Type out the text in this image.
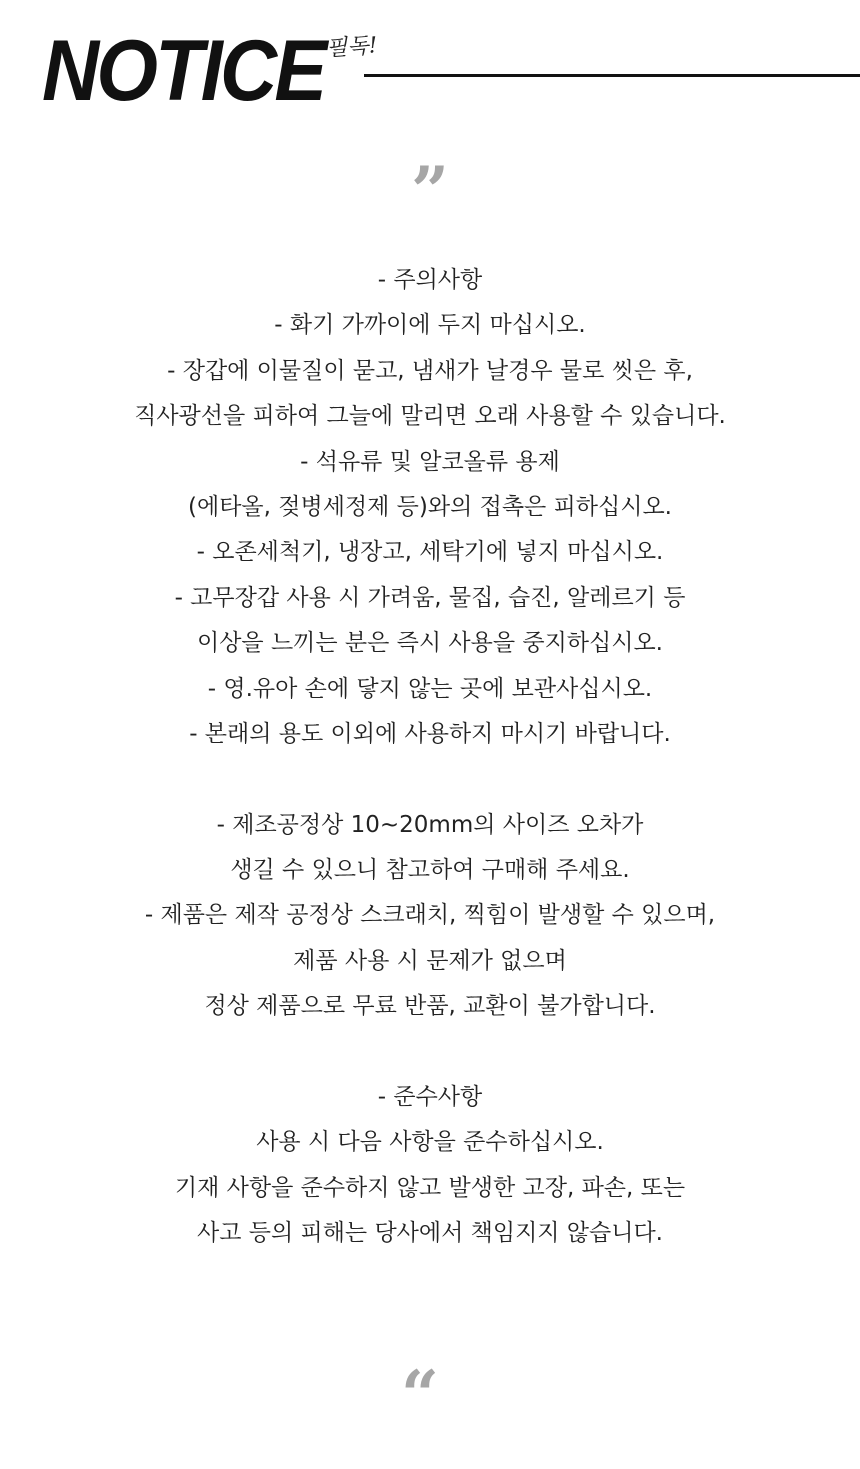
NOTICE 필독!
”
- 주의사항
- 화기 가까이에 두지 마십시오.
- 장갑에 이물질이 묻고, 냄새가 날경우 물로 씻은 후,
직사광선을 피하여 그늘에 말리면 오래 사용할 수 있습니다.
- 석유류 및 알코올류 용제
(에타올, 젖병세정제 등)와의 접촉은 피하십시오.
- 오존세척기, 냉장고, 세탁기에 넣지 마십시오.
- 고무장갑 사용 시 가려움, 물집, 습진, 알레르기 등
이상을 느끼는 분은 즉시 사용을 중지하십시오.
- 영.유아 손에 닿지 않는 곳에 보관사십시오.
- 본래의 용도 이외에 사용하지 마시기 바랍니다.
- 제조공정상 10~20mm의 사이즈 오차가
생길 수 있으니 참고하여 구매해 주세요.
- 제품은 제작 공정상 스크래치, 찍힘이 발생할 수 있으며,
제품 사용 시 문제가 없으며
정상 제품으로 무료 반품, 교환이 불가합니다.
- 준수사항
사용 시 다음 사항을 준수하십시오.
기재 사항을 준수하지 않고 발생한 고장, 파손, 또는
사고 등의 피해는 당사에서 책임지지 않습니다.
“
